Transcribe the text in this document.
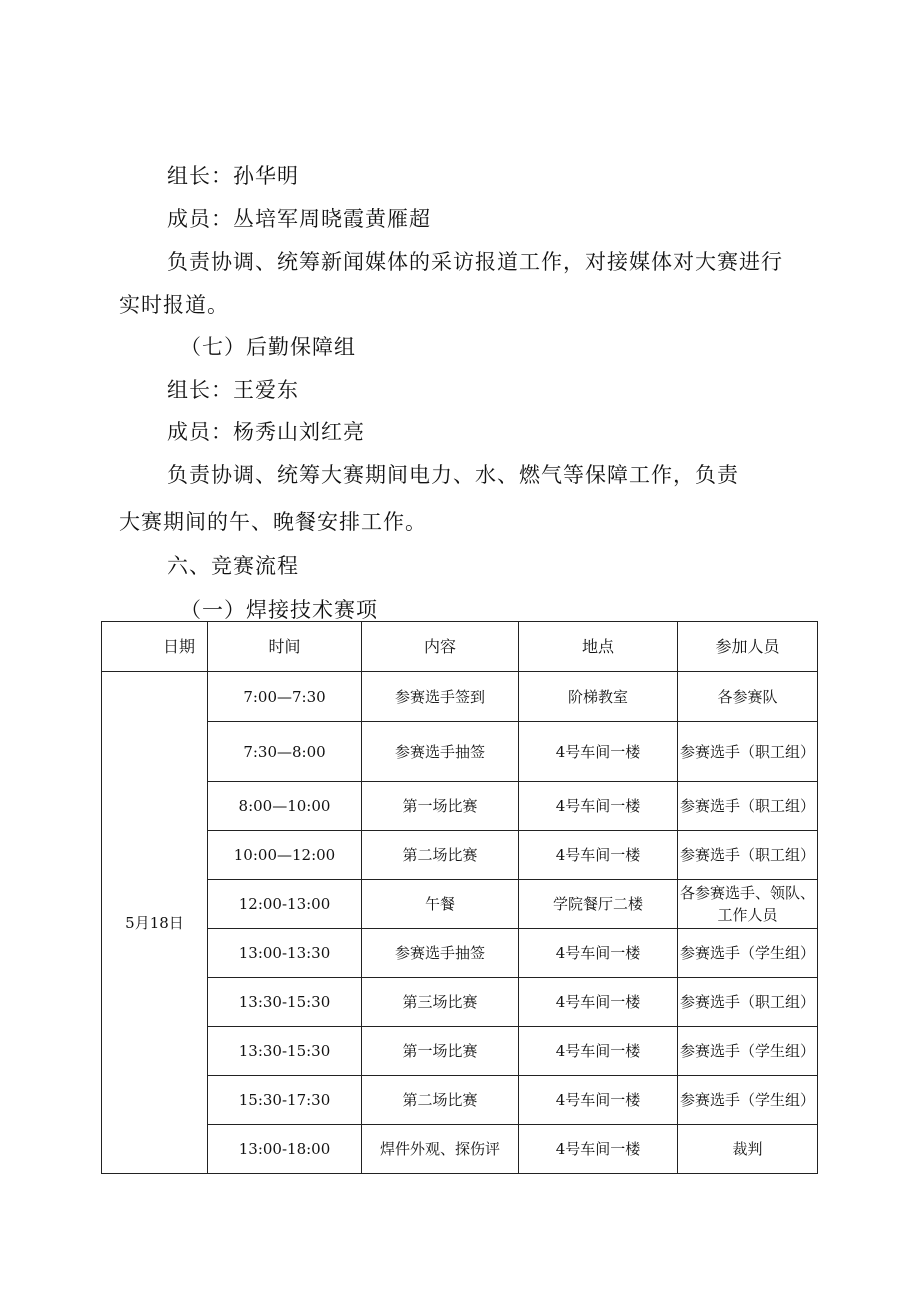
组长：孙华明
成员：丛培军周晓霞黄雁超
负责协调、统筹新闻媒体的采访报道工作，对接媒体对大赛进行
实时报道。
（七）后勤保障组
组长：王爱东
成员：杨秀山刘红亮
负责协调、统筹大赛期间电力、水、燃气等保障工作，负责
大赛期间的午、晚餐安排工作。
六、竞赛流程
（一）焊接技术赛项
日期	时间	内容	地点	参加人员
5月18日	7:00—7:30	参赛选手签到	阶梯教室	各参赛队
	7:30—8:00	参赛选手抽签	4号车间一楼	参赛选手（职工组）
	8:00—10:00	第一场比赛	4号车间一楼	参赛选手（职工组）
	10:00—12:00	第二场比赛	4号车间一楼	参赛选手（职工组）
	12:00-13:00	午餐	学院餐厅二楼	各参赛选手、领队、工作人员
	13:00-13:30	参赛选手抽签	4号车间一楼	参赛选手（学生组）
	13:30-15:30	第三场比赛	4号车间一楼	参赛选手（职工组）
	13:30-15:30	第一场比赛	4号车间一楼	参赛选手（学生组）
	15:30-17:30	第二场比赛	4号车间一楼	参赛选手（学生组）
	13:00-18:00	焊件外观、探伤评	4号车间一楼	裁判
